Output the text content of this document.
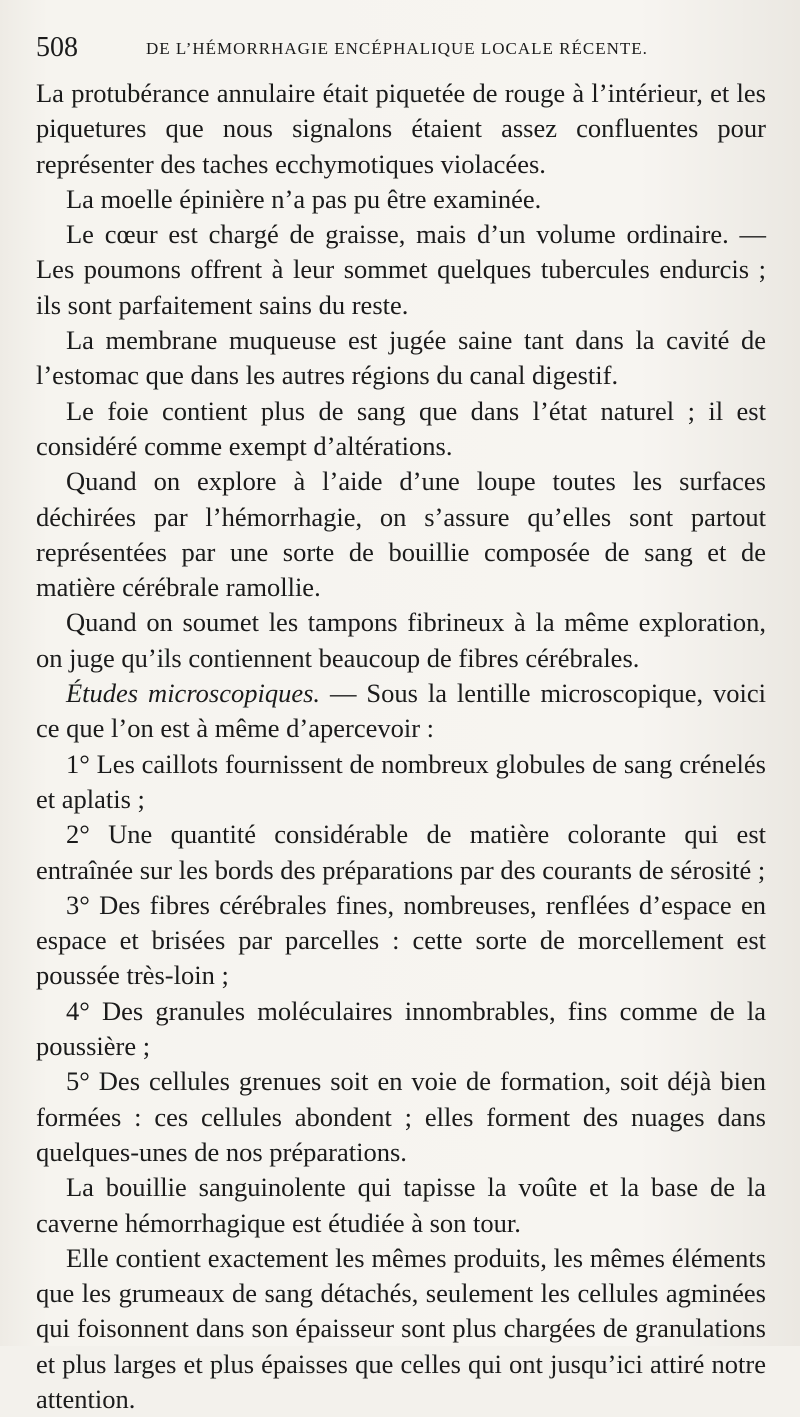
508	DE L’HÉMORRHAGIE ENCÉPHALIQUE LOCALE RÉCENTE.

La protubérance annulaire était piquetée de rouge à l’intérieur, et les piquetures que nous signalons étaient assez confluentes pour représenter des taches ecchymotiques violacées.

La moelle épinière n’a pas pu être examinée.

Le cœur est chargé de graisse, mais d’un volume ordinaire. — Les poumons offrent à leur sommet quelques tubercules endurcis ; ils sont parfaitement sains du reste.

La membrane muqueuse est jugée saine tant dans la cavité de l’estomac que dans les autres régions du canal digestif.

Le foie contient plus de sang que dans l’état naturel ; il est considéré comme exempt d’altérations.

Quand on explore à l’aide d’une loupe toutes les surfaces déchirées par l’hémorrhagie, on s’assure qu’elles sont partout représentées par une sorte de bouillie composée de sang et de matière cérébrale ramollie.

Quand on soumet les tampons fibrineux à la même exploration, on juge qu’ils contiennent beaucoup de fibres cérébrales.

Études microscopiques. — Sous la lentille microscopique, voici ce que l’on est à même d’apercevoir :

1° Les caillots fournissent de nombreux globules de sang crénelés et aplatis ;

2° Une quantité considérable de matière colorante qui est entraînée sur les bords des préparations par des courants de sérosité ;

3° Des fibres cérébrales fines, nombreuses, renflées d’espace en espace et brisées par parcelles : cette sorte de morcellement est poussée très-loin ;

4° Des granules moléculaires innombrables, fins comme de la poussière ;

5° Des cellules grenues soit en voie de formation, soit déjà bien formées : ces cellules abondent ; elles forment des nuages dans quelques-unes de nos préparations.

La bouillie sanguinolente qui tapisse la voûte et la base de la caverne hémorrhagique est étudiée à son tour.

Elle contient exactement les mêmes produits, les mêmes éléments que les grumeaux de sang détachés, seulement les cellules agminées qui foisonnent dans son épaisseur sont plus chargées de granulations et plus larges et plus épaisses que celles qui ont jusqu’ici attiré notre attention.
